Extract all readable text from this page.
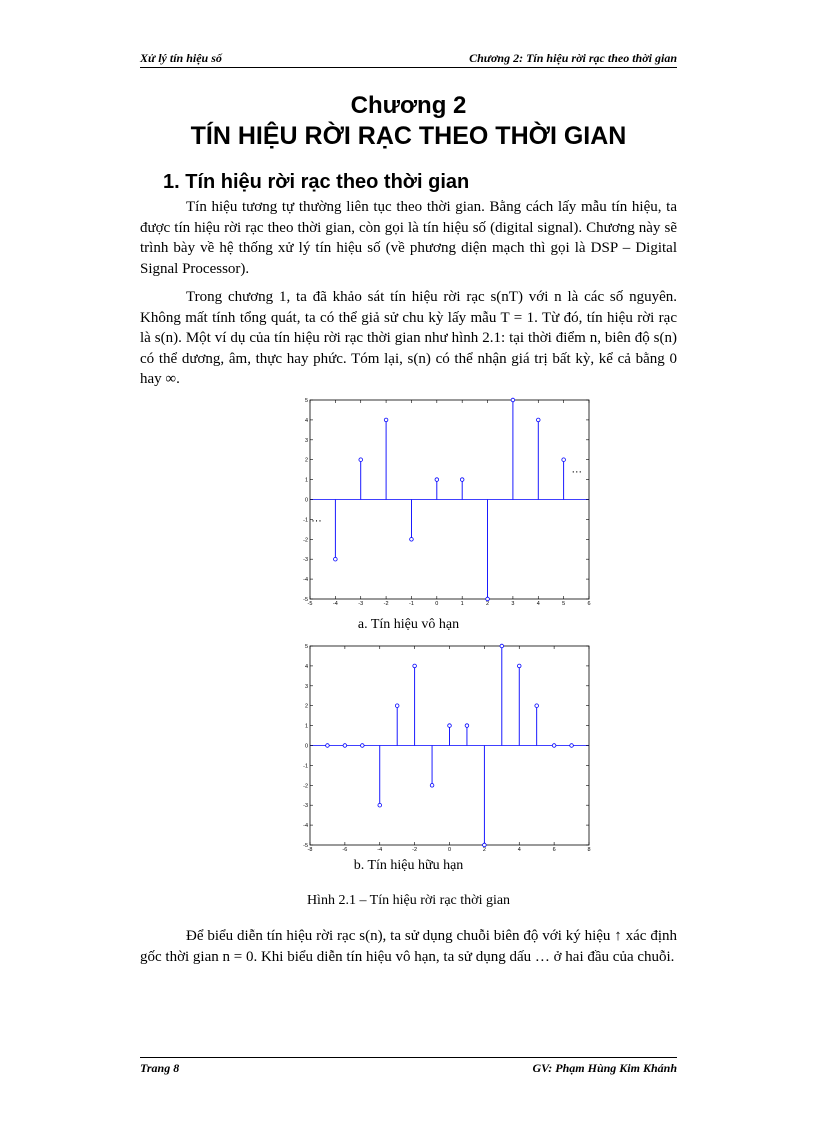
Xử lý tín hiệu số	Chương 2: Tín hiệu rời rạc theo thời gian
Chương 2
TÍN HIỆU RỜI RẠC THEO THỜI GIAN
1. Tín hiệu rời rạc theo thời gian

Tín hiệu tương tự thường liên tục theo thời gian. Bằng cách lấy mẫu tín hiệu, ta được tín hiệu rời rạc theo thời gian, còn gọi là tín hiệu số (digital signal). Chương này sẽ trình bày về hệ thống xử lý tín hiệu số (về phương diện mạch thì gọi là DSP – Digital Signal Processor).

Trong chương 1, ta đã khảo sát tín hiệu rời rạc s(nT) với n là các số nguyên. Không mất tính tổng quát, ta có thể giả sử chu kỳ lấy mẫu T = 1. Từ đó, tín hiệu rời rạc là s(n). Một ví dụ của tín hiệu rời rạc thời gian như hình 2.1: tại thời điểm n, biên độ s(n) có thể dương, âm, thực hay phức. Tóm lại, s(n) có thể nhận giá trị bất kỳ, kể cả bằng 0 hay ∞.

-5
-4
-3
-2
-1
0
1
2
3
4
5
-5	-4	-3	-2	-1	0	1	2	3	4	5	6
…
…
a. Tín hiệu vô hạn
-5
-4
-3
-2
-1
0
1
2
3
4
5
-8	-6	-4	-2	0	2	4	6	8
b. Tín hiệu hữu hạn
Hình 2.1 – Tín hiệu rời rạc thời gian

Để biểu diễn tín hiệu rời rạc s(n), ta sử dụng chuỗi biên độ với ký hiệu ↑ xác định gốc thời gian n = 0. Khi biểu diễn tín hiệu vô hạn, ta sử dụng dấu … ở hai đầu của chuỗi.

Trang 8	GV: Phạm Hùng Kim Khánh
